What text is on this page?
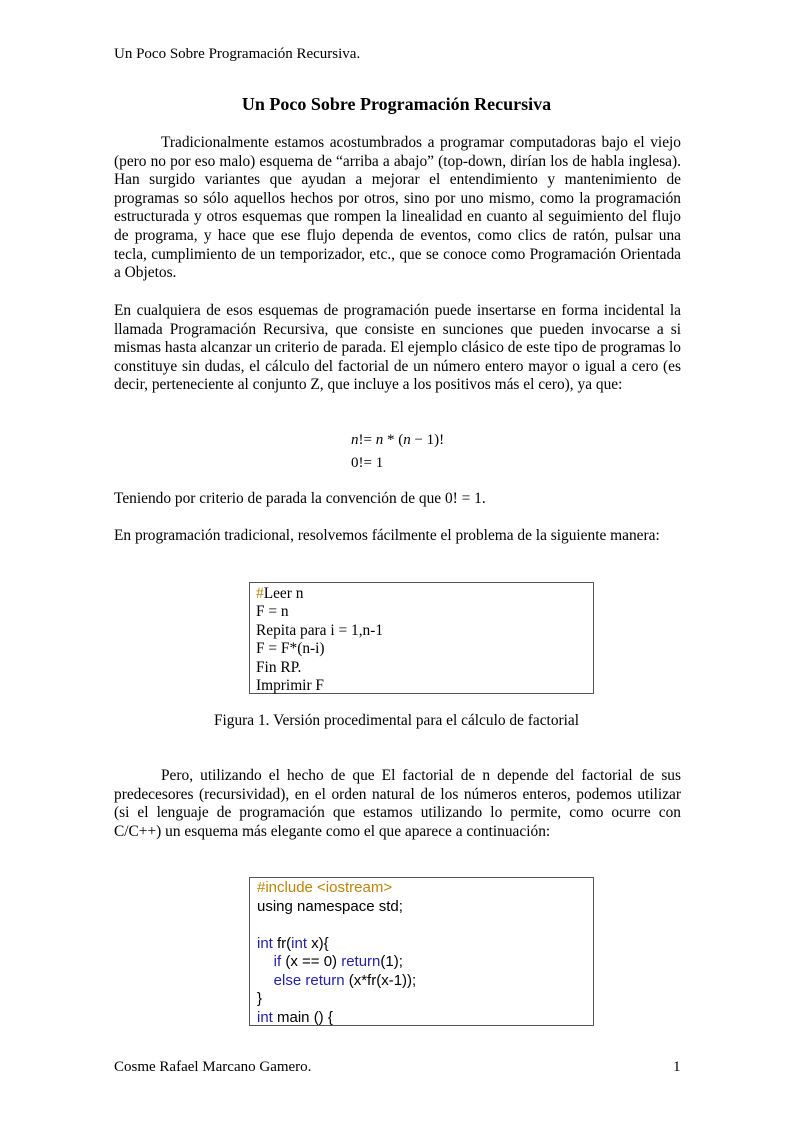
Un Poco Sobre Programación Recursiva.
Un Poco Sobre Programación Recursiva

Tradicionalmente estamos acostumbrados a programar computadoras bajo el viejo (pero no por eso malo) esquema de “arriba a abajo” (top-down, dirían los de habla inglesa). Han surgido variantes que ayudan a mejorar el entendimiento y mantenimiento de programas so sólo aquellos hechos por otros, sino por uno mismo, como la programación estructurada y otros esquemas que rompen la linealidad en cuanto al seguimiento del flujo de programa, y hace que ese flujo dependa de eventos, como clics de ratón, pulsar una tecla, cumplimiento de un temporizador, etc., que se conoce como Programación Orientada a Objetos.

En cualquiera de esos esquemas de programación puede insertarse en forma incidental la llamada Programación Recursiva, que consiste en sunciones que pueden invocarse a si mismas hasta alcanzar un criterio de parada. El ejemplo clásico de este tipo de programas lo constituye sin dudas, el cálculo del factorial de un número entero mayor o igual a cero (es decir, perteneciente al conjunto Z, que incluye a los positivos más el cero), ya que:

n!= n * (n − 1)!
0!= 1

Teniendo por criterio de parada la convención de que 0! = 1.

En programación tradicional, resolvemos fácilmente el problema de la siguiente manera:

#Leer n
F = n
Repita para i = 1,n-1
F = F*(n-i)
Fin RP.
Imprimir F
Figura 1. Versión procedimental para el cálculo de factorial

Pero, utilizando el hecho de que El factorial de n depende del factorial de sus predecesores (recursividad), en el orden natural de los números enteros, podemos utilizar (si el lenguaje de programación que estamos utilizando lo permite, como ocurre con C/C++) un esquema más elegante como el que aparece a continuación:

#include <iostream>
using namespace std;

int fr(int x){
if (x == 0) return(1);
else return (x*fr(x-1));
}
int main () {
Cosme Rafael Marcano Gamero.	1
